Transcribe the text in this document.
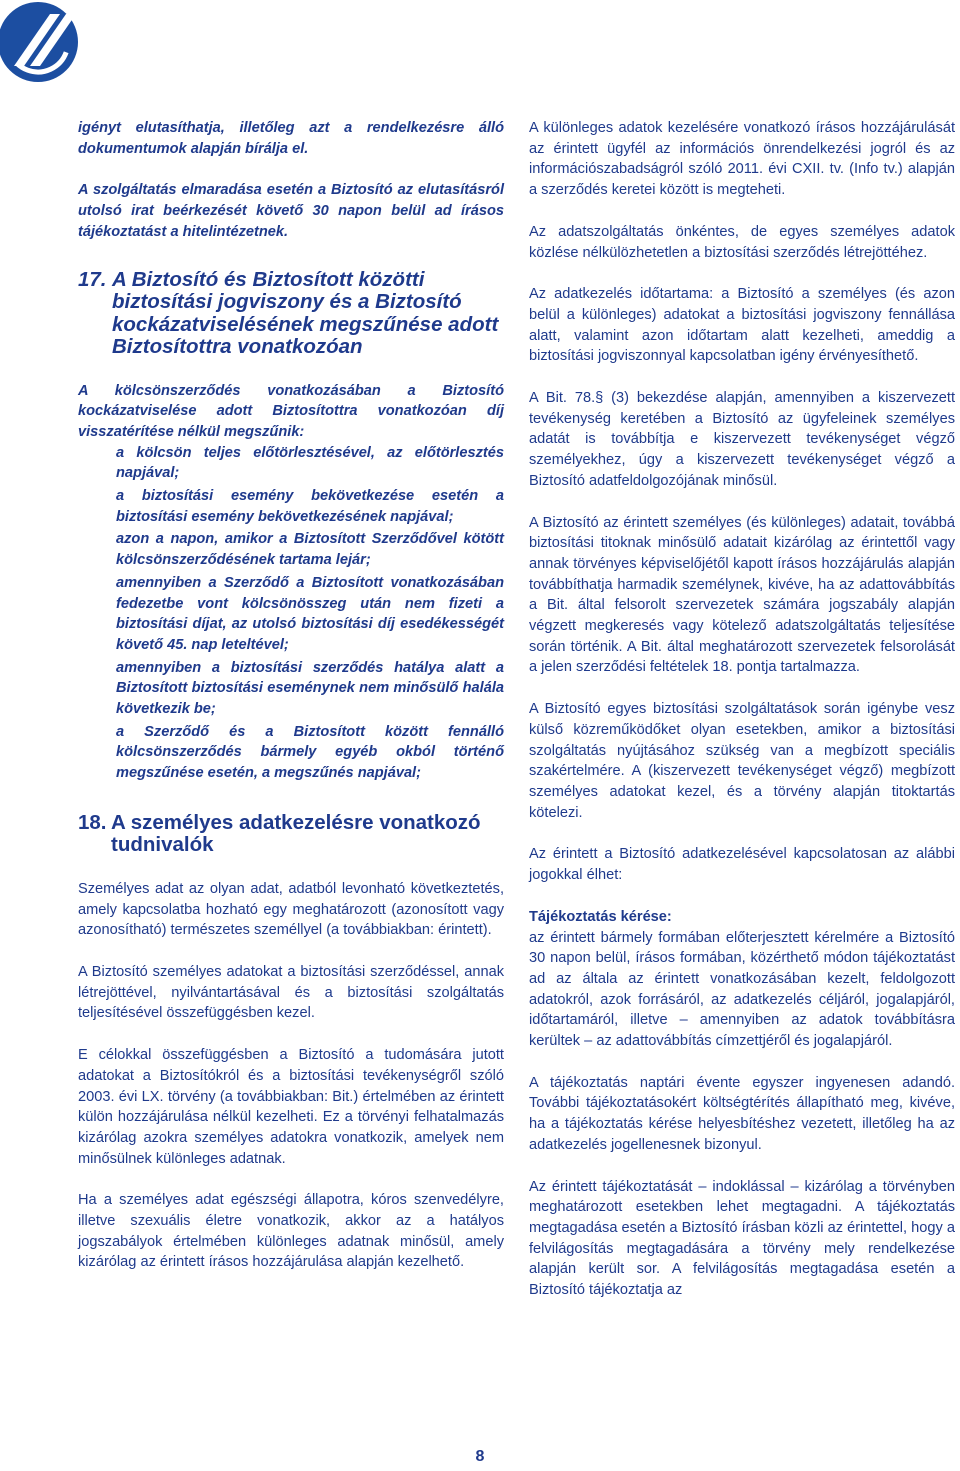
igényt elutasíthatja, illetőleg azt a rendelkezésre álló dokumentumok alapján bírálja el.

A szolgáltatás elmaradása esetén a Biztosító az elutasításról utolsó irat beérkezését követő 30 napon belül ad írásos tájékoztatást a hitelintézetnek.

17. A Biztosító és Biztosított közötti biztosítási jogviszony és a Biztosító kockázatviselésének megszűnése adott Biztosítottra vonatkozóan

A kölcsönszerződés vonatkozásában a Biztosító kockázatviselése adott Biztosítottra vonatkozóan díj visszatérítése nélkül megszűnik:

a kölcsön teljes előtörlesztésével, az előtörlesztés napjával;
a biztosítási esemény bekövetkezése esetén a biztosítási esemény bekövetkezésének napjával;
azon a napon, amikor a Biztosított Szerződővel kötött kölcsönszerződésének tartama lejár;
amennyiben a Szerződő a Biztosított vonatkozásában fedezetbe vont kölcsönösszeg után nem fizeti a biztosítási díjat, az utolsó biztosítási díj esedékességét követő 45. nap leteltével;
amennyiben a biztosítási szerződés hatálya alatt a Biztosított biztosítási eseménynek nem minősülő halála következik be;
a Szerződő és a Biztosított között fennálló kölcsönszerződés bármely egyéb okból történő megszűnése esetén, a megszűnés napjával;
18. A személyes adatkezelésre vonatkozó tudnivalók

Személyes adat az olyan adat, adatból levonható következtetés, amely kapcsolatba hozható egy meghatározott (azonosított vagy azonosítható) természetes személlyel (a továbbiakban: érintett).

A Biztosító személyes adatokat a biztosítási szerződéssel, annak létrejöttével, nyilvántartásával és a biztosítási szolgáltatás teljesítésével összefüggésben kezel.

E célokkal összefüggésben a Biztosító a tudomására jutott adatokat a Biztosítókról és a biztosítási tevékenységről szóló 2003. évi LX. törvény (a továbbiakban: Bit.) értelmében az érintett külön hozzájárulása nélkül kezelheti. Ez a törvényi felhatalmazás kizárólag azokra személyes adatokra vonatkozik, amelyek nem minősülnek különleges adatnak.

Ha a személyes adat egészségi állapotra, kóros szenvedélyre, illetve szexuális életre vonatkozik, akkor az a hatályos jogszabályok értelmében különleges adatnak minősül, amely kizárólag az érintett írásos hozzájárulása alapján kezelhető.

A különleges adatok kezelésére vonatkozó írásos hozzájárulását az érintett ügyfél az információs önrendelkezési jogról és az információszabadságról szóló 2011. évi CXII. tv. (Info tv.) alapján a szerződés keretei között is megteheti.

Az adatszolgáltatás önkéntes, de egyes személyes adatok közlése nélkülözhetetlen a biztosítási szerződés létrejöttéhez.

Az adatkezelés időtartama: a Biztosító a személyes (és azon belül a különleges) adatokat a biztosítási jogviszony fennállása alatt, valamint azon időtartam alatt kezelheti, ameddig a biztosítási jogviszonnyal kapcsolatban igény érvényesíthető.

A Bit. 78.§ (3) bekezdése alapján, amennyiben a kiszervezett tevékenység keretében a Biztosító az ügyfeleinek személyes adatát is továbbítja e kiszervezett tevékenységet végző személyekhez, úgy a kiszervezett tevékenységet végző a Biztosító adatfeldolgozójának minősül.

A Biztosító az érintett személyes (és különleges) adatait, továbbá biztosítási titoknak minősülő adatait kizárólag az érintettől vagy annak törvényes képviselőjétől kapott írásos hozzájárulás alapján továbbíthatja harmadik személynek, kivéve, ha az adattovábbítás a Bit. által felsorolt szervezetek számára jogszabály alapján végzett megkeresés vagy kötelező adatszolgáltatás teljesítése során történik. A Bit. által meghatározott szervezetek felsorolását a jelen szerződési feltételek 18. pontja tartalmazza.

A Biztosító egyes biztosítási szolgáltatások során igénybe vesz külső közreműködőket olyan esetekben, amikor a biztosítási szolgáltatás nyújtásához szükség van a megbízott speciális szakértelmére. A (kiszervezett tevékenységet végző) megbízott személyes adatokat kezel, és a törvény alapján titoktartás kötelezi.

Az érintett a Biztosító adatkezelésével kapcsolatosan az alábbi jogokkal élhet:

Tájékoztatás kérése:

az érintett bármely formában előterjesztett kérelmére a Biztosító 30 napon belül, írásos formában, közérthető módon tájékoztatást ad az általa az érintett vonatkozásában kezelt, feldolgozott adatokról, azok forrásáról, az adatkezelés céljáról, jogalapjáról, időtartamáról, illetve – amennyiben az adatok továbbításra kerültek – az adattovábbítás címzettjéről és jogalapjáról.

A tájékoztatás naptári évente egyszer ingyenesen adandó. További tájékoztatásokért költségtérítés állapítható meg, kivéve, ha a tájékoztatás kérése helyesbítéshez vezetett, illetőleg ha az adatkezelés jogellenesnek bizonyul.

Az érintett tájékoztatását – indoklással – kizárólag a törvényben meghatározott esetekben lehet megtagadni. A tájékoztatás megtagadása esetén a Biztosító írásban közli az érintettel, hogy a felvilágosítás megtagadására a törvény mely rendelkezése alapján került sor. A felvilágosítás megtagadása esetén a Biztosító tájékoztatja az

8
